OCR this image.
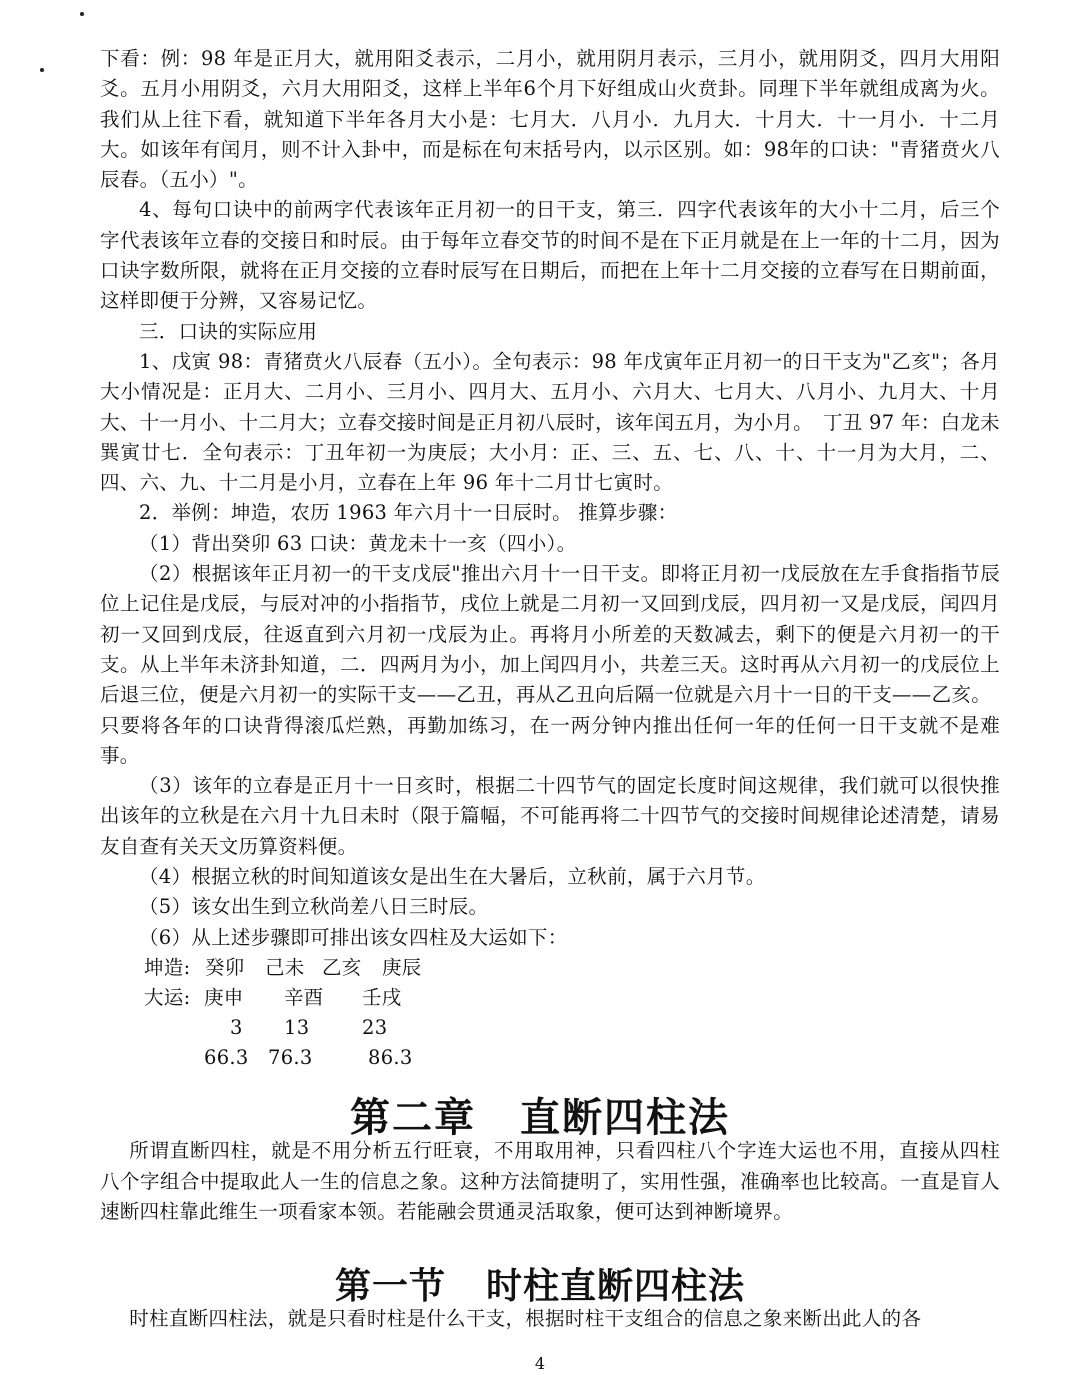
下看：例：98 年是正月大，就用阳爻表示，二月小，就用阴月表示，三月小，就用阴爻，四月大用阳爻。五月小用阴爻，六月大用阳爻，这样上半年6个月下好组成山火贲卦。同理下半年就组成离为火。我们从上往下看，就知道下半年各月大小是：七月大．八月小．九月大．十月大．十一月小．十二月大。如该年有闰月，则不计入卦中，而是标在句末括号内，以示区别。如：98年的口诀："青猪贲火八辰春。（五小）"。

4、每句口诀中的前两字代表该年正月初一的日干支，第三．四字代表该年的大小十二月，后三个字代表该年立春的交接日和时辰。由于每年立春交节的时间不是在下正月就是在上一年的十二月，因为口诀字数所限，就将在正月交接的立春时辰写在日期后，而把在上年十二月交接的立春写在日期前面，这样即便于分辨，又容易记忆。

三．口诀的实际应用

1、戊寅 98：青猪贲火八辰春（五小）。全句表示：98 年戊寅年正月初一的日干支为"乙亥"；各月大小情况是：正月大、二月小、三月小、四月大、五月小、六月大、七月大、八月小、九月大、十月大、十一月小、十二月大；立春交接时间是正月初八辰时，该年闰五月，为小月。　丁丑 97 年：白龙未巽寅廿七．全句表示：丁丑年初一为庚辰；大小月：正、三、五、七、八、十、十一月为大月，二、四、六、九、十二月是小月，立春在上年 96 年十二月廿七寅时。

2．举例：坤造，农历 1963 年六月十一日辰时。 推算步骤：

（1）背出癸卯 63 口诀：黄龙未十一亥（四小）。

（2）根据该年正月初一的干支戊辰"推出六月十一日干支。即将正月初一戊辰放在左手食指指节辰位上记住是戊辰，与辰对冲的小指指节，戌位上就是二月初一又回到戊辰，四月初一又是戊辰，闰四月初一又回到戊辰，往返直到六月初一戊辰为止。再将月小所差的天数减去，剩下的便是六月初一的干支。从上半年未济卦知道，二．四两月为小，加上闰四月小，共差三天。这时再从六月初一的戊辰位上后退三位，便是六月初一的实际干支——乙丑，再从乙丑向后隔一位就是六月十一日的干支——乙亥。

只要将各年的口诀背得滚瓜烂熟，再勤加练习，在一两分钟内推出任何一年的任何一日干支就不是难事。

（3）该年的立春是正月十一日亥时，根据二十四节气的固定长度时间这规律，我们就可以很快推出该年的立秋是在六月十九日未时（限于篇幅，不可能再将二十四节气的交接时间规律论述清楚，请易友自查有关天文历算资料便。

（4）根据立秋的时间知道该女是出生在大暑后，立秋前，属于六月节。

（5）该女出生到立秋尚差八日三时辰。

（6）从上述步骤即可排出该女四柱及大运如下：

坤造: 癸卯 己未 乙亥 庚辰
大运: 庚申 辛酉 壬戌
3 13	23
66.3 76.3	86.3
第二章 直断四柱法

所谓直断四柱，就是不用分析五行旺衰，不用取用神，只看四柱八个字连大运也不用，直接从四柱八个字组合中提取此人一生的信息之象。这种方法简捷明了，实用性强，准确率也比较高。一直是盲人速断四柱靠此维生一项看家本领。若能融会贯通灵活取象，便可达到神断境界。

第一节 时柱直断四柱法

时柱直断四柱法，就是只看时柱是什么干支，根据时柱干支组合的信息之象来断出此人的各

4
